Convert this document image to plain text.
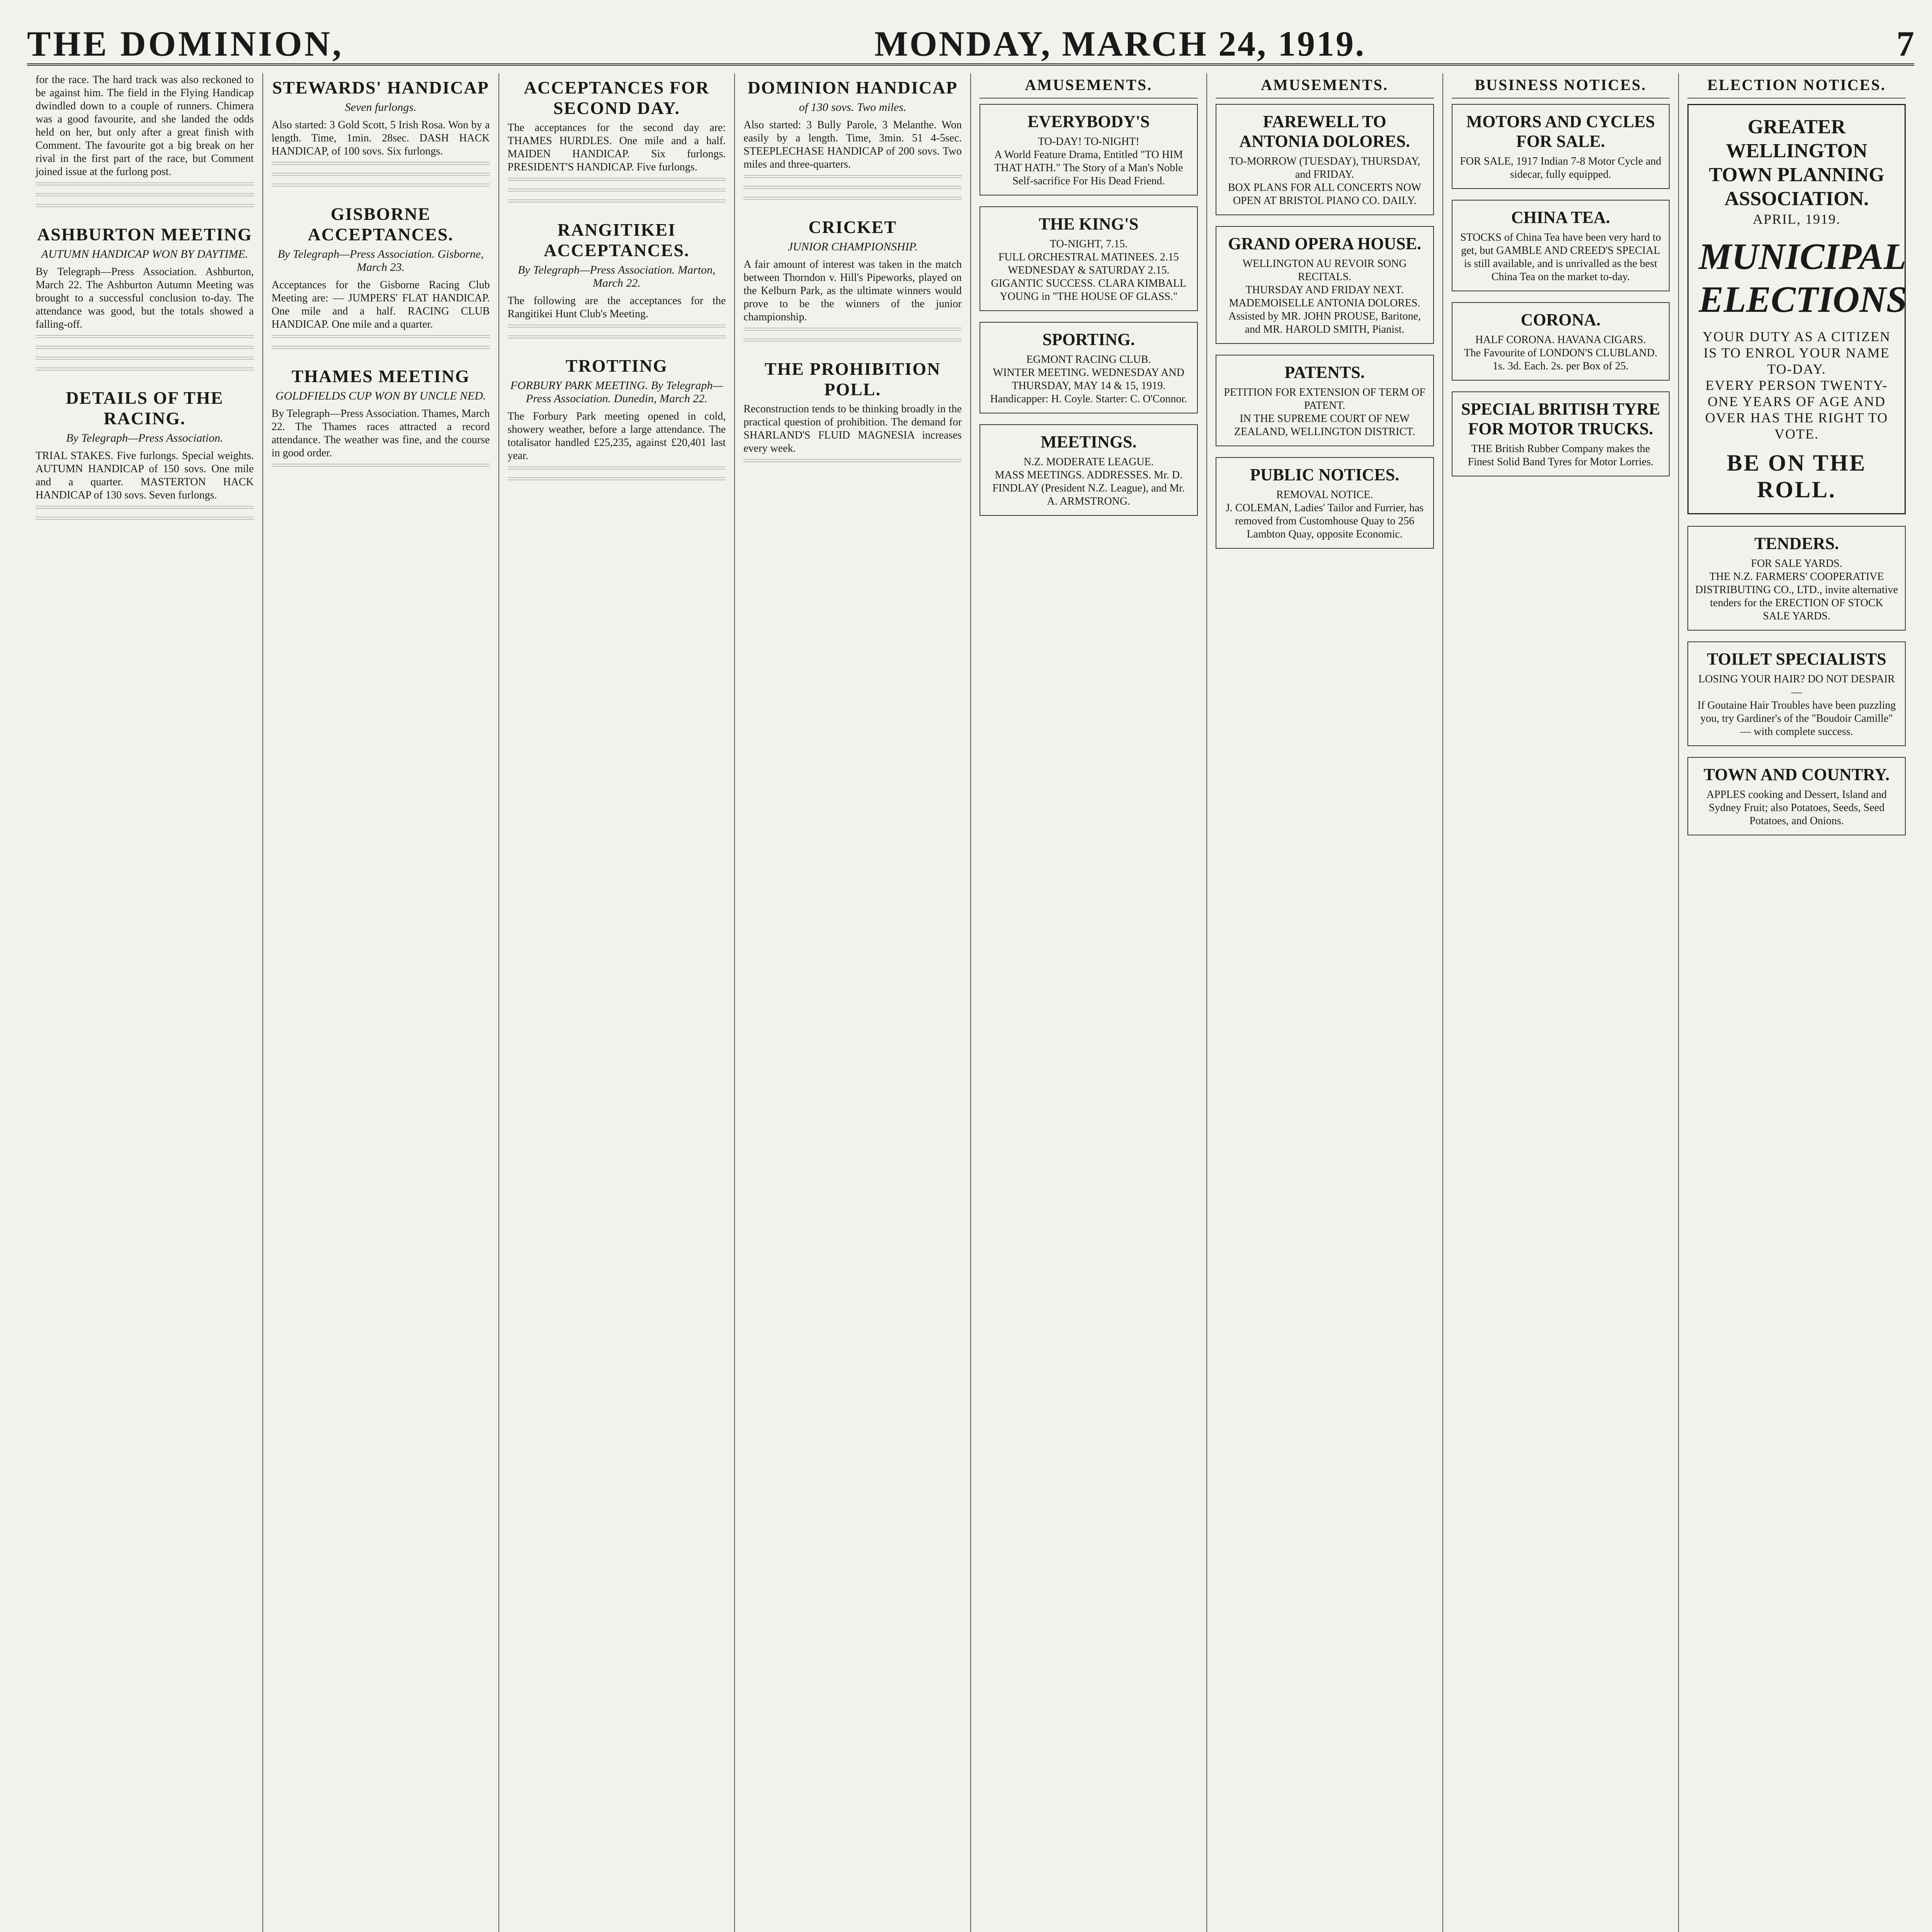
THE DOMINION,	MONDAY, MARCH 24, 1919.	7

for the race. The hard track was also reckoned to be against him. The field in the Flying Handicap dwindled down to a couple of runners. Chimera was a good favourite, and she landed the odds held on her, but only after a great finish with Comment. The favourite got a big break on her rival in the first part of the race, but Comment joined issue at the furlong post.

ASHBURTON MEETING
AUTUMN HANDICAP WON BY DAYTIME.

By Telegraph—Press Association. Ashburton, March 22. The Ashburton Autumn Meeting was brought to a successful conclusion to-day. The attendance was good, but the totals showed a falling-off.

DETAILS OF THE RACING.
By Telegraph—Press Association.

TRIAL STAKES. Five furlongs. Special weights. AUTUMN HANDICAP of 150 sovs. One mile and a quarter. MASTERTON HACK HANDICAP of 130 sovs. Seven furlongs.

STEWARDS' HANDICAP
Seven furlongs.

Also started: 3 Gold Scott, 5 Irish Rosa. Won by a length. Time, 1min. 28sec. DASH HACK HANDICAP, of 100 sovs. Six furlongs.

GISBORNE ACCEPTANCES.
By Telegraph—Press Association. Gisborne, March 23.

Acceptances for the Gisborne Racing Club Meeting are: — JUMPERS' FLAT HANDICAP. One mile and a half. RACING CLUB HANDICAP. One mile and a quarter.

THAMES MEETING
GOLDFIELDS CUP WON BY UNCLE NED.

By Telegraph—Press Association. Thames, March 22. The Thames races attracted a record attendance. The weather was fine, and the course in good order.

ACCEPTANCES FOR SECOND DAY.

The acceptances for the second day are: THAMES HURDLES. One mile and a half. MAIDEN HANDICAP. Six furlongs. PRESIDENT'S HANDICAP. Five furlongs.

RANGITIKEI ACCEPTANCES.
By Telegraph—Press Association. Marton, March 22.

The following are the acceptances for the Rangitikei Hunt Club's Meeting.

TROTTING
FORBURY PARK MEETING. By Telegraph—Press Association. Dunedin, March 22.

The Forbury Park meeting opened in cold, showery weather, before a large attendance. The totalisator handled £25,235, against £20,401 last year.

DOMINION HANDICAP
of 130 sovs. Two miles.

Also started: 3 Bully Parole, 3 Melanthe. Won easily by a length. Time, 3min. 51 4-5sec. STEEPLECHASE HANDICAP of 200 sovs. Two miles and three-quarters.

CRICKET
JUNIOR CHAMPIONSHIP.

A fair amount of interest was taken in the match between Thorndon v. Hill's Pipeworks, played on the Kelburn Park, as the ultimate winners would prove to be the winners of the junior championship.

THE PROHIBITION POLL.

Reconstruction tends to be thinking broadly in the practical question of prohibition. The demand for SHARLAND'S FLUID MAGNESIA increases every week.

AMUSEMENTS.
EVERYBODY'S
TO-DAY! TO-NIGHT!
A World Feature Drama, Entitled "TO HIM THAT HATH." The Story of a Man's Noble Self-sacrifice For His Dead Friend.
THE KING'S
TO-NIGHT, 7.15.
FULL ORCHESTRAL MATINEES. 2.15 WEDNESDAY & SATURDAY 2.15. GIGANTIC SUCCESS. CLARA KIMBALL YOUNG in "THE HOUSE OF GLASS."
SPORTING.
EGMONT RACING CLUB.
WINTER MEETING. WEDNESDAY AND THURSDAY, MAY 14 & 15, 1919. Handicapper: H. Coyle. Starter: C. O'Connor.
MEETINGS.
N.Z. MODERATE LEAGUE.
MASS MEETINGS. ADDRESSES. Mr. D. FINDLAY (President N.Z. League), and Mr. A. ARMSTRONG.
AMUSEMENTS.
FAREWELL TO ANTONIA DOLORES.
TO-MORROW (TUESDAY), THURSDAY, and FRIDAY.
BOX PLANS FOR ALL CONCERTS NOW OPEN AT BRISTOL PIANO CO. DAILY.
GRAND OPERA HOUSE.
WELLINGTON AU REVOIR SONG RECITALS.
THURSDAY AND FRIDAY NEXT. MADEMOISELLE ANTONIA DOLORES. Assisted by MR. JOHN PROUSE, Baritone, and MR. HAROLD SMITH, Pianist.
PATENTS.
PETITION FOR EXTENSION OF TERM OF PATENT.
IN THE SUPREME COURT OF NEW ZEALAND, WELLINGTON DISTRICT.
PUBLIC NOTICES.
REMOVAL NOTICE.
J. COLEMAN, Ladies' Tailor and Furrier, has removed from Customhouse Quay to 256 Lambton Quay, opposite Economic.
BUSINESS NOTICES.
MOTORS AND CYCLES FOR SALE.
FOR SALE, 1917 Indian 7-8 Motor Cycle and sidecar, fully equipped.
CHINA TEA.
STOCKS of China Tea have been very hard to get, but GAMBLE AND CREED'S SPECIAL is still available, and is unrivalled as the best China Tea on the market to-day.
CORONA.
HALF CORONA. HAVANA CIGARS.
The Favourite of LONDON'S CLUBLAND. 1s. 3d. Each. 2s. per Box of 25.
SPECIAL BRITISH TYRE FOR MOTOR TRUCKS.
THE British Rubber Company makes the Finest Solid Band Tyres for Motor Lorries.
ELECTION NOTICES.
GREATER WELLINGTON TOWN PLANNING ASSOCIATION.
APRIL, 1919.
MUNICIPAL ELECTIONS
YOUR DUTY AS A CITIZEN IS TO ENROL YOUR NAME TO-DAY.
EVERY PERSON TWENTY-ONE YEARS OF AGE AND OVER HAS THE RIGHT TO VOTE.
BE ON THE ROLL.
TENDERS.
FOR SALE YARDS.
THE N.Z. FARMERS' COOPERATIVE DISTRIBUTING CO., LTD., invite alternative tenders for the ERECTION OF STOCK SALE YARDS.
TOILET SPECIALISTS
LOSING YOUR HAIR? DO NOT DESPAIR—
If Goutaine Hair Troubles have been puzzling you, try Gardiner's of the "Boudoir Camille" — with complete success.
TOWN AND COUNTRY.
APPLES cooking and Dessert, Island and Sydney Fruit; also Potatoes, Seeds, Seed Potatoes, and Onions.
